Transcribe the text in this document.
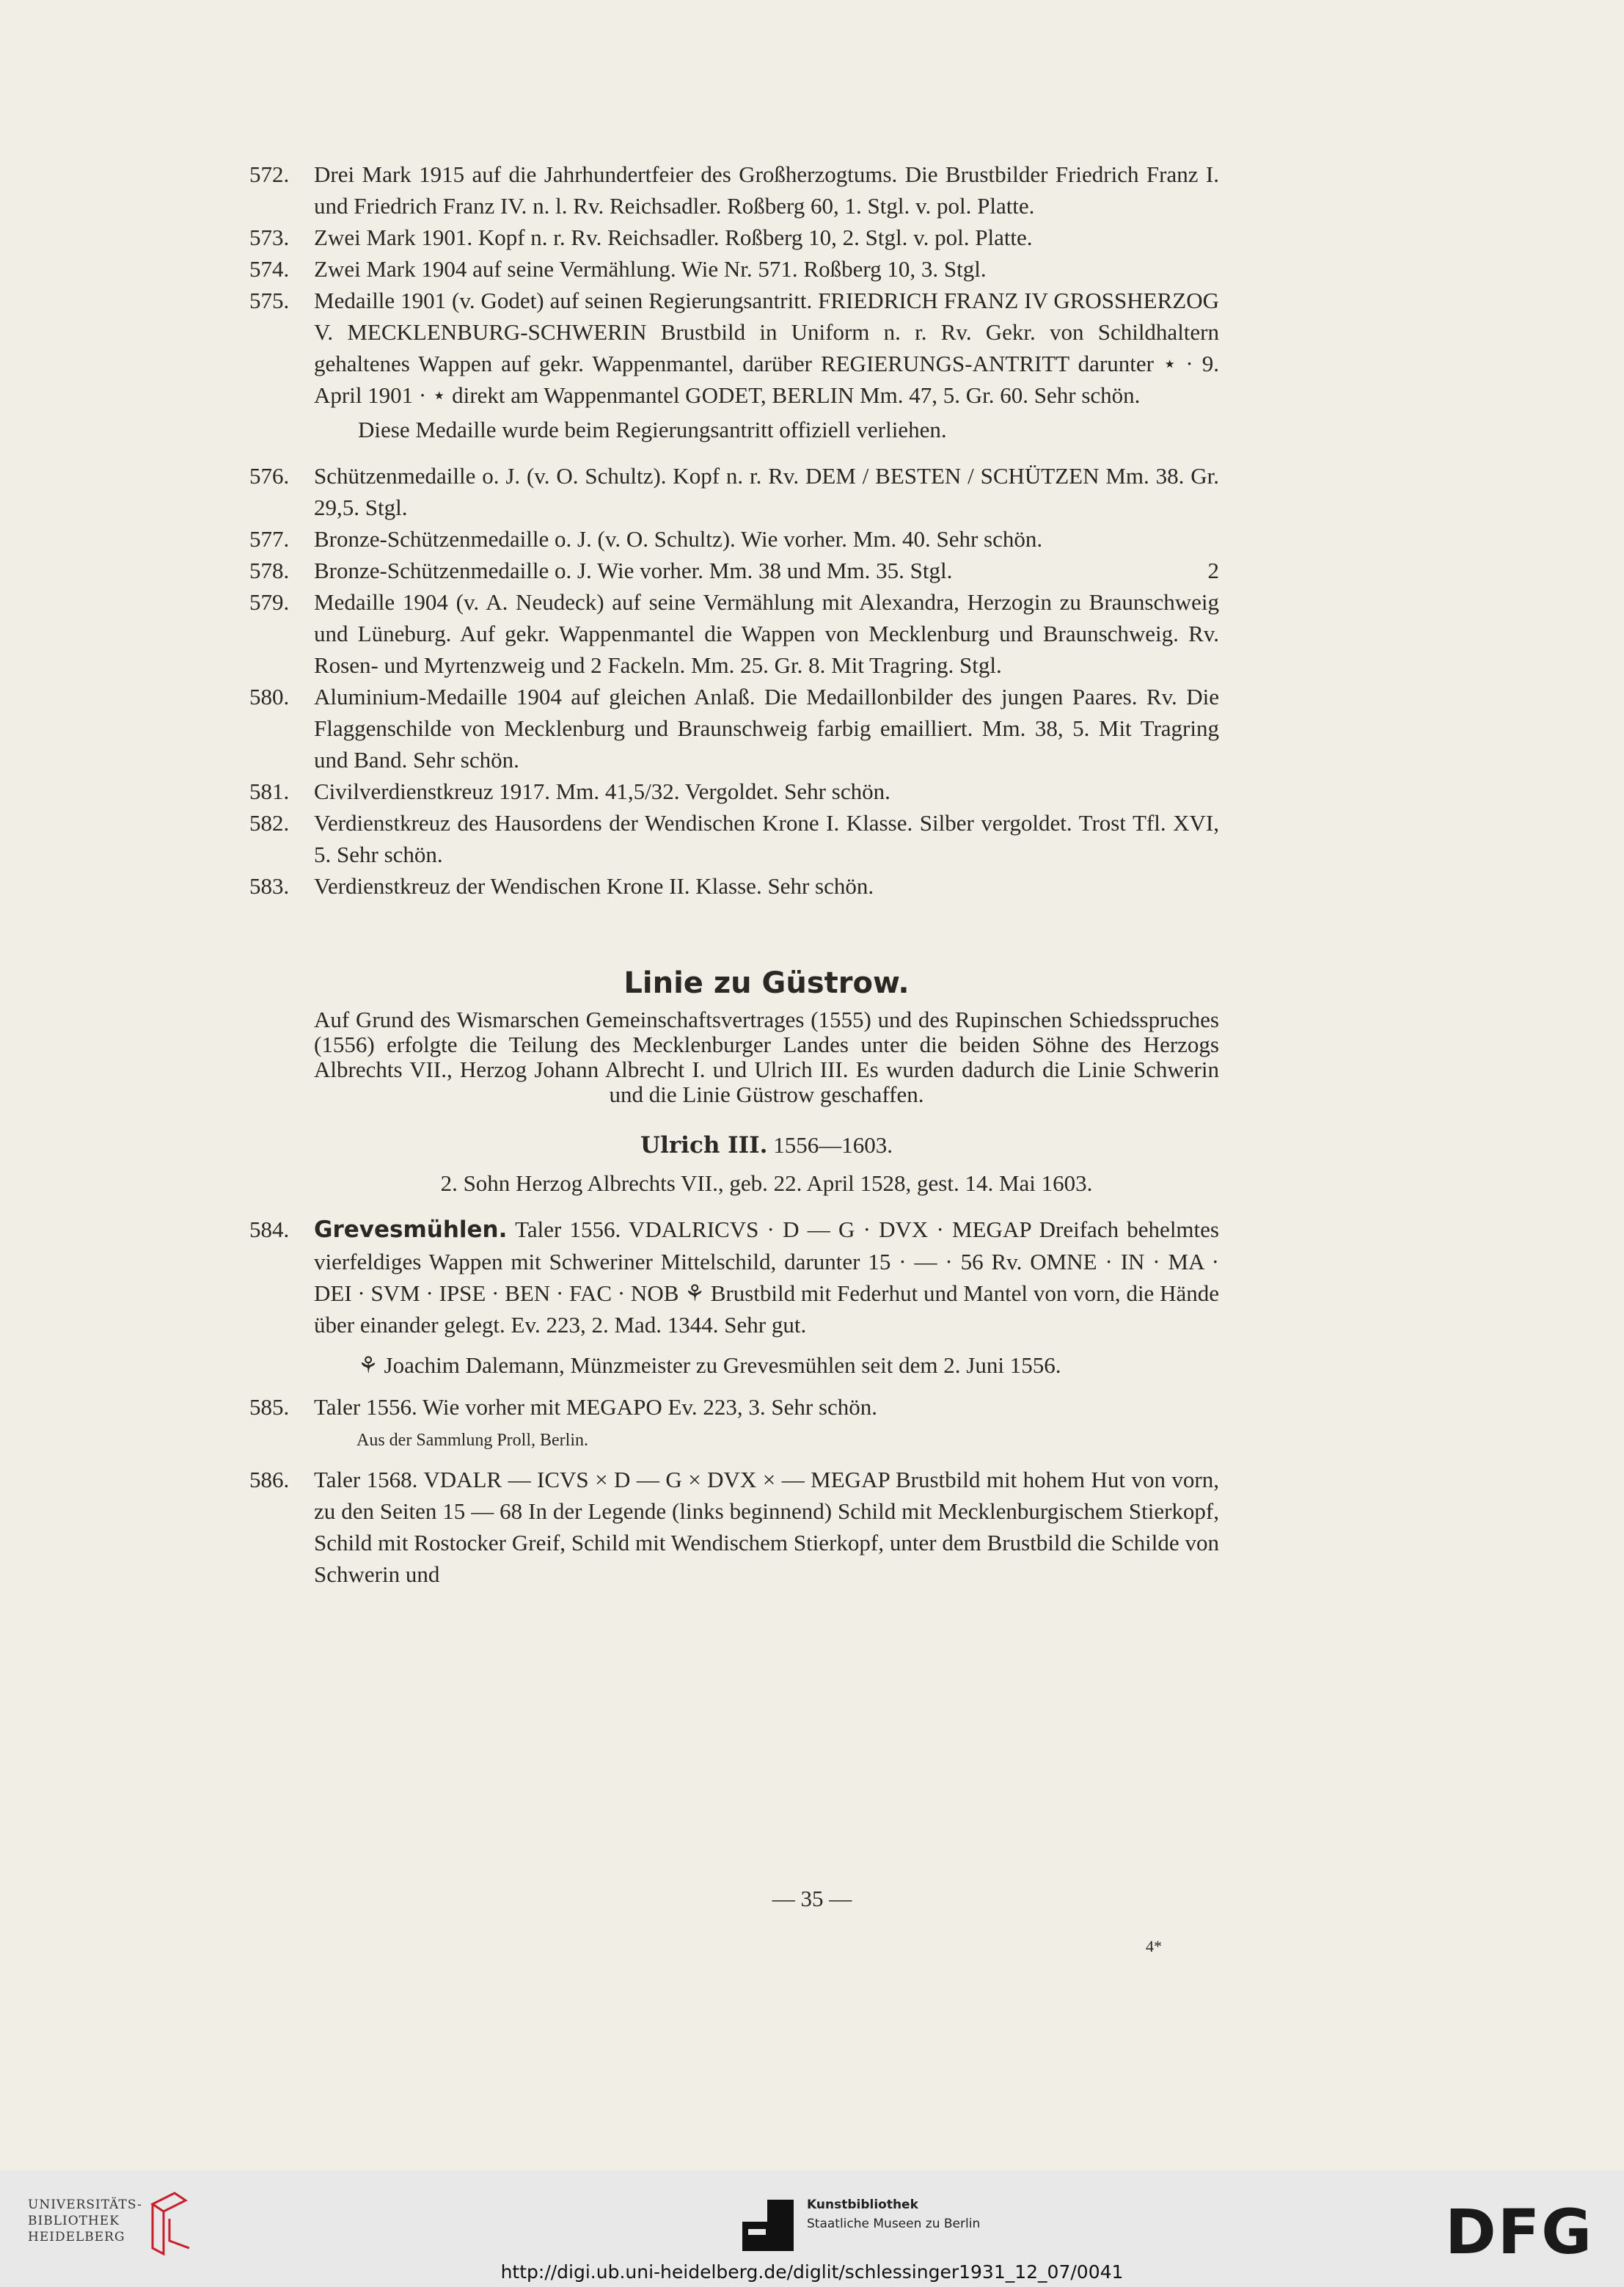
572. Drei Mark 1915 auf die Jahrhundertfeier des Großherzogtums. Die Brustbilder Friedrich Franz I. und Friedrich Franz IV. n. l. Rv. Reichsadler. Roßberg 60, 1. Stgl. v. pol. Platte.
573. Zwei Mark 1901. Kopf n. r. Rv. Reichsadler. Roßberg 10, 2. Stgl. v. pol. Platte.
574. Zwei Mark 1904 auf seine Vermählung. Wie Nr. 571. Roßberg 10, 3. Stgl.
575. Medaille 1901 (v. Godet) auf seinen Regierungsantritt. FRIEDRICH FRANZ IV GROSSHERZOG V. MECKLENBURG-SCHWERIN Brustbild in Uniform n. r. Rv. Gekr. von Schildhaltern gehaltenes Wappen auf gekr. Wappenmantel, darüber REGIERUNGS-ANTRITT darunter ⋆ · 9. April 1901 · ⋆ direkt am Wappenmantel GODET, BERLIN Mm. 47, 5. Gr. 60. Sehr schön.
Diese Medaille wurde beim Regierungsantritt offiziell verliehen.
576. Schützenmedaille o. J. (v. O. Schultz). Kopf n. r. Rv. DEM / BESTEN / SCHÜTZEN Mm. 38. Gr. 29,5. Stgl.
577. Bronze-Schützenmedaille o. J. (v. O. Schultz). Wie vorher. Mm. 40. Sehr schön.
578.	2
Bronze-Schützenmedaille o. J. Wie vorher. Mm. 38 und Mm. 35. Stgl.
579. Medaille 1904 (v. A. Neudeck) auf seine Vermählung mit Alexandra, Herzogin zu Braunschweig und Lüneburg. Auf gekr. Wappenmantel die Wappen von Mecklenburg und Braunschweig. Rv. Rosen- und Myrtenzweig und 2 Fackeln. Mm. 25. Gr. 8. Mit Tragring. Stgl.
580. Aluminium-Medaille 1904 auf gleichen Anlaß. Die Medaillonbilder des jungen Paares. Rv. Die Flaggenschilde von Mecklenburg und Braunschweig farbig emailliert. Mm. 38, 5. Mit Tragring und Band. Sehr schön.
581. Civilverdienstkreuz 1917. Mm. 41,5/32. Vergoldet. Sehr schön.
582. Verdienstkreuz des Hausordens der Wendischen Krone I. Klasse. Silber vergoldet. Trost Tfl. XVI, 5. Sehr schön.
583. Verdienstkreuz der Wendischen Krone II. Klasse. Sehr schön.
Linie zu Güstrow.
Auf Grund des Wismarschen Gemeinschaftsvertrages (1555) und des Rupinschen Schiedsspruches (1556) erfolgte die Teilung des Mecklenburger Landes unter die beiden Söhne des Herzogs Albrechts VII., Herzog Johann Albrecht I. und Ulrich III. Es wurden dadurch die Linie Schwerin und die Linie Güstrow geschaffen.
Ulrich III. 1556—1603.
2. Sohn Herzog Albrechts VII., geb. 22. April 1528, gest. 14. Mai 1603.
584. Grevesmühlen. Taler 1556. VDALRICVS · D — G · DVX · MEGAP Dreifach behelmtes vierfeldiges Wappen mit Schweriner Mittelschild, darunter 15 · — · 56 Rv. OMNE · IN · MA · DEI · SVM · IPSE · BEN · FAC · NOB ⚘ Brustbild mit Federhut und Mantel von vorn, die Hände über einander gelegt. Ev. 223, 2. Mad. 1344. Sehr gut.
⚘ Joachim Dalemann, Münzmeister zu Grevesmühlen seit dem 2. Juni 1556.
585. Taler 1556. Wie vorher mit MEGAPO Ev. 223, 3. Sehr schön.
Aus der Sammlung Proll, Berlin.
586. Taler 1568. VDALR — ICVS × D — G × DVX × — MEGAP Brustbild mit hohem Hut von vorn, zu den Seiten 15 — 68 In der Legende (links beginnend) Schild mit Mecklenburgischem Stierkopf, Schild mit Rostocker Greif, Schild mit Wendischem Stierkopf, unter dem Brustbild die Schilde von Schwerin und
— 35 —
4*
UNIVERSITÄTS-
BIBLIOTHEK
HEIDELBERG
Kunstbibliothek
Staatliche Museen zu Berlin	DFG
http://digi.ub.uni-heidelberg.de/diglit/schlessinger1931_12_07/0041
